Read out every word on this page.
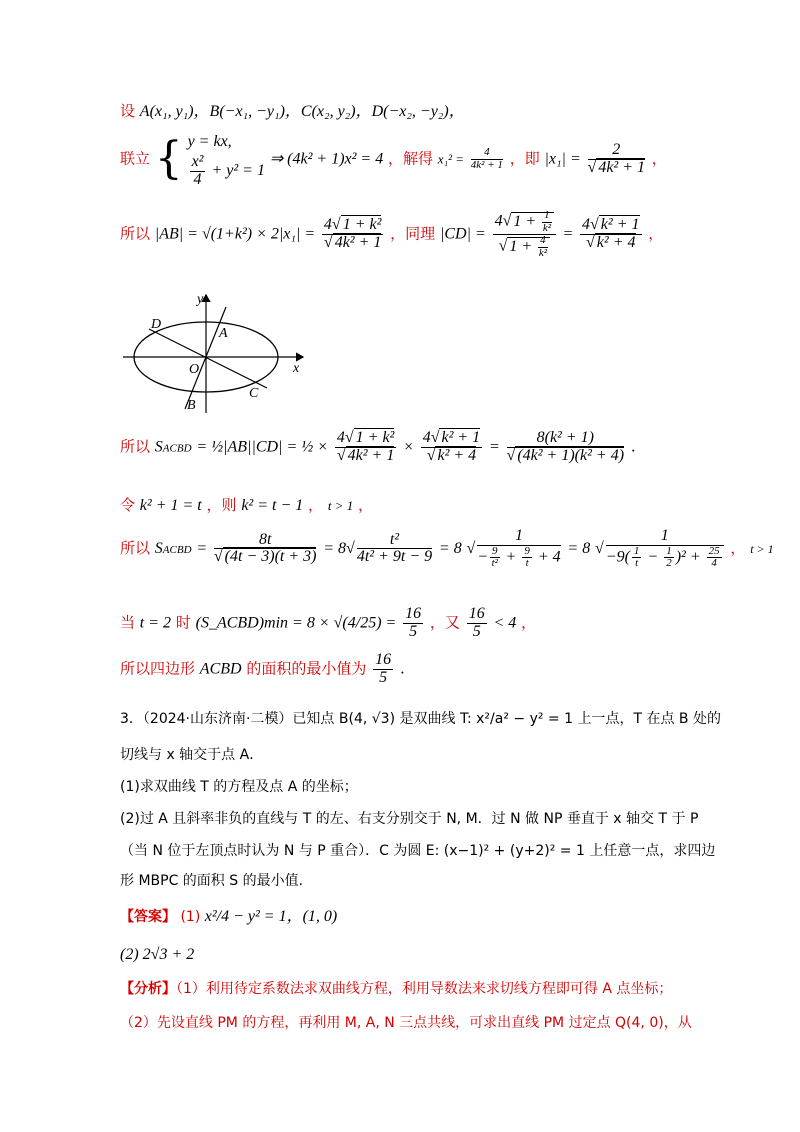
设 A(x₁, y₁)，B(−x₁, −y₁)，C(x₂, y₂)，D(−x₂, −y₂)，
联立 { y = kx,
$\frac{\text{x²}}{4} + y^2 = 1$
⇒ (4k² + 1)x² = 4 ，解得 $x_1^2 = \frac{4}{\text{4k² + 1}}$ ，即 $|x_1| = \frac{2}{\text{√ 4k² + 1}}$ ，
所以 $|AB| = √(1+k^2) \times 2|x_1| = \frac{\text{4√ 1 + k²}}{\text{√ 4k² + 1}}$ ，同理 $|CD| = \frac{4√ 1 + \frac{1}{\text{k²}}}{√ 1 + \frac{4}{\text{k²}}} = \frac{\text{4√ k² + 1}}{\text{√ k² + 4}}$ ，
y
x
O
A
B
C
D
所以 SACBD = ½|AB||CD| = ½ × $\frac{\text{4√ 1 + k²}}{\text{√ 4k² + 1}} \times \frac{\text{4√ k² + 1}}{\text{√ k² + 4}} = \frac{\text{8(k² + 1)}}{\text{√ (4k² + 1)(k² + 4)}}$ .
令 k² + 1 = t ，则 k² = t − 1 ， t > 1 ，
所以 SACBD = $\frac{8t}{√ (4t - 3)(t + 3)} = 8√ \frac{\text{t²}}{\text{4t² + 9t − 9}} = 8$ √ $\frac{1}{- \frac{9}{\text{t²}} + \frac{9}{t} + 4} = 8$ √ $\frac{1}{-9( \frac{1}{t} - \frac{1}{2} )^2 + \frac{25}{4}}$ ， t > 1
当 t = 2 时 (S_ACBD)min = $8 \times √(4/25) = \frac{16}{5}$ ，又 $\frac{16}{5} < 4$ ，
所以四边形 ACBD 的面积的最小值为 $\frac{16}{5}$ .
3．（2024·山东济南·二模）已知点 B(4, √3) 是双曲线 T: x²/a² − y² = 1 上一点，T 在点 B 处的
切线与 x 轴交于点 A．
(1)求双曲线 T 的方程及点 A 的坐标；
(2)过 A 且斜率非负的直线与 T 的左、右支分别交于 N, M．过 N 做 NP 垂直于 x 轴交 T 于 P
（当 N 位于左顶点时认为 N 与 P 重合）．C 为圆 E: (x−1)² + (y+2)² = 1 上任意一点，求四边
形 MBPC 的面积 S 的最小值.
【答案】 (1) x²/4 − y² = 1，(1, 0)
(2) 2√3 + 2
【分析】（1）利用待定系数法求双曲线方程，利用导数法来求切线方程即可得 A 点坐标；
（2）先设直线 PM 的方程，再利用 M, A, N 三点共线，可求出直线 PM 过定点 Q(4, 0)，从
